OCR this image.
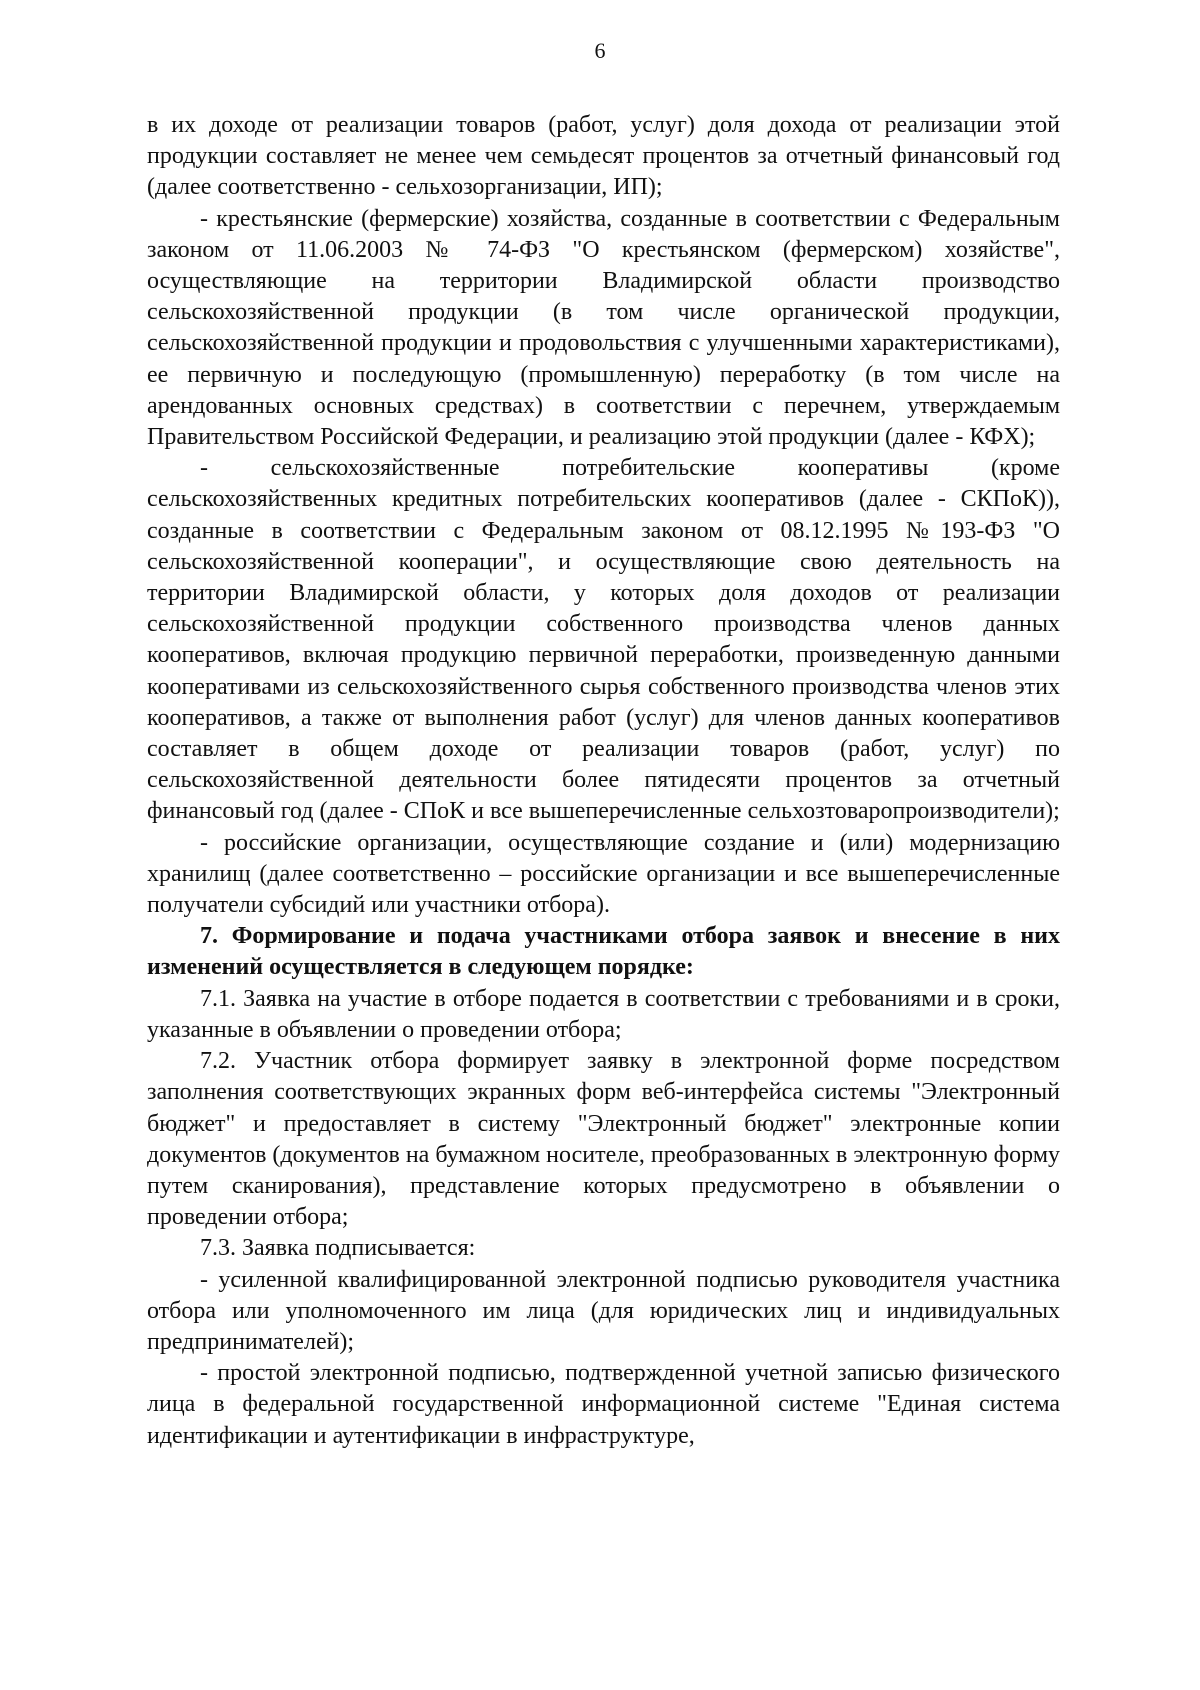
6

в их доходе от реализации товаров (работ, услуг) доля дохода от реализации этой продукции составляет не менее чем семьдесят процентов за отчетный финансовый год (далее соответственно - сельхозорганизации, ИП);

- крестьянские (фермерские) хозяйства, созданные в соответствии с Федеральным законом от 11.06.2003 № 74-ФЗ "О крестьянском (фермерском) хозяйстве", осуществляющие на территории Владимирской области производство сельскохозяйственной продукции (в том числе органической продукции, сельскохозяйственной продукции и продовольствия с улучшенными характеристиками), ее первичную и последующую (промышленную) переработку (в том числе на арендованных основных средствах) в соответствии с перечнем, утверждаемым Правительством Российской Федерации, и реализацию этой продукции (далее - КФХ);

- сельскохозяйственные потребительские кооперативы (кроме сельскохозяйственных кредитных потребительских кооперативов (далее - СКПоК)), созданные в соответствии с Федеральным законом от 08.12.1995 №193-ФЗ "О сельскохозяйственной кооперации", и осуществляющие свою деятельность на территории Владимирской области, у которых доля доходов от реализации сельскохозяйственной продукции собственного производства членов данных кооперативов, включая продукцию первичной переработки, произведенную данными кооперативами из сельскохозяйственного сырья собственного производства членов этих кооперативов, а также от выполнения работ (услуг) для членов данных кооперативов составляет в общем доходе от реализации товаров (работ, услуг) по сельскохозяйственной деятельности более пятидесяти процентов за отчетный финансовый год (далее - СПоК и все вышеперечисленные сельхозтоваропроизводители);

- российские организации, осуществляющие создание и (или) модернизацию хранилищ (далее соответственно – российские организации и все вышеперечисленные получатели субсидий или участники отбора).

7. Формирование и подача участниками отбора заявок и внесение в них изменений осуществляется в следующем порядке:

7.1. Заявка на участие в отборе подается в соответствии с требованиями и в сроки, указанные в объявлении о проведении отбора;

7.2. Участник отбора формирует заявку в электронной форме посредством заполнения соответствующих экранных форм веб-интерфейса системы "Электронный бюджет" и предоставляет в систему "Электронный бюджет" электронные копии документов (документов на бумажном носителе, преобразованных в электронную форму путем сканирования), представление которых предусмотрено в объявлении о проведении отбора;

7.3. Заявка подписывается:

- усиленной квалифицированной электронной подписью руководителя участника отбора или уполномоченного им лица (для юридических лиц и индивидуальных предпринимателей);

- простой электронной подписью, подтвержденной учетной записью физического лица в федеральной государственной информационной системе "Единая система идентификации и аутентификации в инфраструктуре,
